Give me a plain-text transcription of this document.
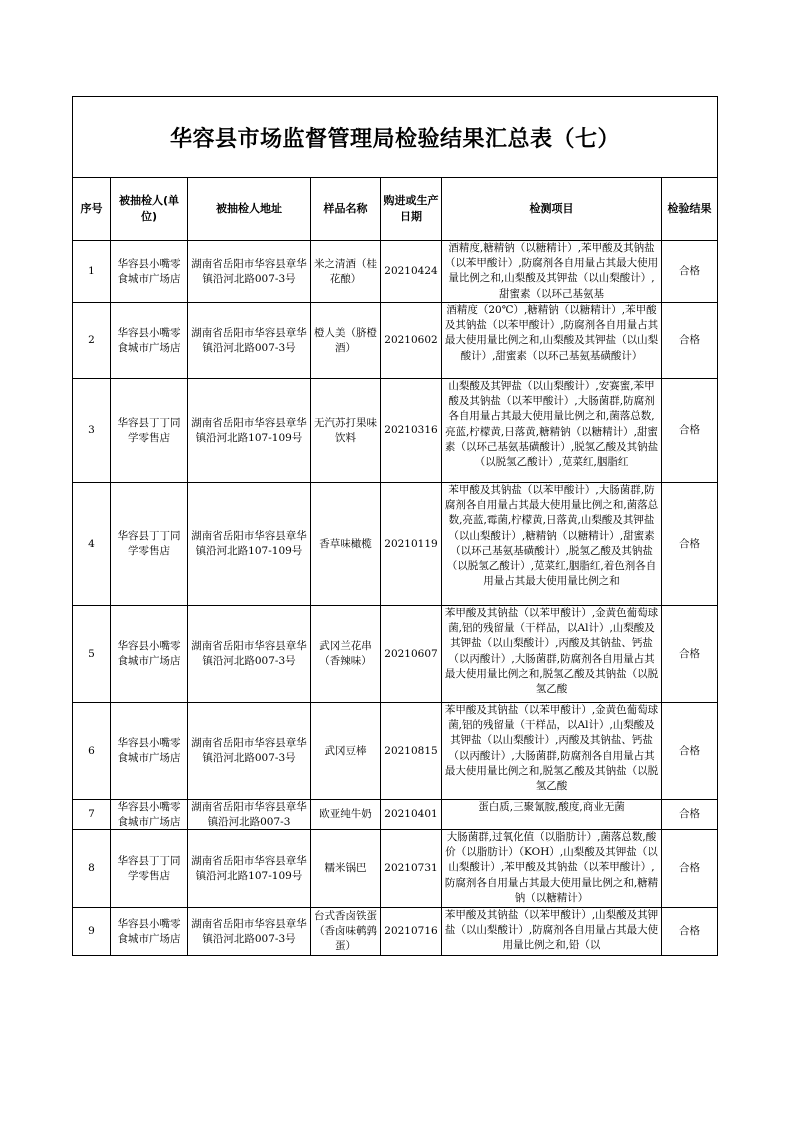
华容县市场监督管理局检验结果汇总表（七）						
序号	被抽检人(单位)	被抽检人地址	样品名称	购进或生产日期	检测项目	检验结果

1	华容县小嘴零食城市广场店	湖南省岳阳市华容县章华镇沿河北路007-3号	米之清酒（桂花酿）	20210424	酒精度,糖精钠（以糖精计）,苯甲酸及其钠盐（以苯甲酸计）,防腐剂各自用量占其最大使用量比例之和,山梨酸及其钾盐（以山梨酸计）,甜蜜素（以环己基氨基	合格

2	华容县小嘴零食城市广场店	湖南省岳阳市华容县章华镇沿河北路007-3号	橙人美（脐橙酒）	20210602	酒精度（20℃）,糖精钠（以糖精计）,苯甲酸及其钠盐（以苯甲酸计）,防腐剂各自用量占其最大使用量比例之和,山梨酸及其钾盐（以山梨酸计）,甜蜜素（以环己基氨基磺酸计）	合格

3	华容县丁丁同学零售店	湖南省岳阳市华容县章华镇沿河北路107-109号	无汽苏打果味饮料	20210316	山梨酸及其钾盐（以山梨酸计）,安赛蜜,苯甲酸及其钠盐（以苯甲酸计）,大肠菌群,防腐剂各自用量占其最大使用量比例之和,菌落总数,亮蓝,柠檬黄,日落黄,糖精钠（以糖精计）,甜蜜素（以环己基氨基磺酸计）,脱氢乙酸及其钠盐（以脱氢乙酸计）,苋菜红,胭脂红	合格

4	华容县丁丁同学零售店	湖南省岳阳市华容县章华镇沿河北路107-109号	香草味橄榄	20210119	苯甲酸及其钠盐（以苯甲酸计）,大肠菌群,防腐剂各自用量占其最大使用量比例之和,菌落总数,亮蓝,霉菌,柠檬黄,日落黄,山梨酸及其钾盐（以山梨酸计）,糖精钠（以糖精计）,甜蜜素（以环己基氨基磺酸计）,脱氢乙酸及其钠盐（以脱氢乙酸计）,苋菜红,胭脂红,着色剂各自用量占其最大使用量比例之和	合格

5	华容县小嘴零食城市广场店	湖南省岳阳市华容县章华镇沿河北路007-3号	武冈兰花串（香辣味）	20210607	苯甲酸及其钠盐（以苯甲酸计）,金黄色葡萄球菌,铝的残留量（干样品，以Al计）,山梨酸及其钾盐（以山梨酸计）,丙酸及其钠盐、钙盐（以丙酸计）,大肠菌群,防腐剂各自用量占其最大使用量比例之和,脱氢乙酸及其钠盐（以脱氢乙酸	合格

6	华容县小嘴零食城市广场店	湖南省岳阳市华容县章华镇沿河北路007-3号	武冈豆棒	20210815	苯甲酸及其钠盐（以苯甲酸计）,金黄色葡萄球菌,铝的残留量（干样品，以Al计）,山梨酸及其钾盐（以山梨酸计）,丙酸及其钠盐、钙盐（以丙酸计）,大肠菌群,防腐剂各自用量占其最大使用量比例之和,脱氢乙酸及其钠盐（以脱氢乙酸	合格

7	华容县小嘴零食城市广场店	湖南省岳阳市华容县章华镇沿河北路007-3	欧亚纯牛奶	20210401	蛋白质,三聚氰胺,酸度,商业无菌	合格

8	华容县丁丁同学零售店	湖南省岳阳市华容县章华镇沿河北路107-109号	糯米锅巴	20210731	大肠菌群,过氧化值（以脂肪计）,菌落总数,酸价（以脂肪计）（KOH）,山梨酸及其钾盐（以山梨酸计）,苯甲酸及其钠盐（以苯甲酸计）,防腐剂各自用量占其最大使用量比例之和,糖精钠（以糖精计）	合格

9	华容县小嘴零食城市广场店	湖南省岳阳市华容县章华镇沿河北路007-3号	台式香卤铁蛋（香卤味鹌鹑蛋）	20210716	苯甲酸及其钠盐（以苯甲酸计）,山梨酸及其钾盐（以山梨酸计）,防腐剂各自用量占其最大使用量比例之和,铅（以	合格
